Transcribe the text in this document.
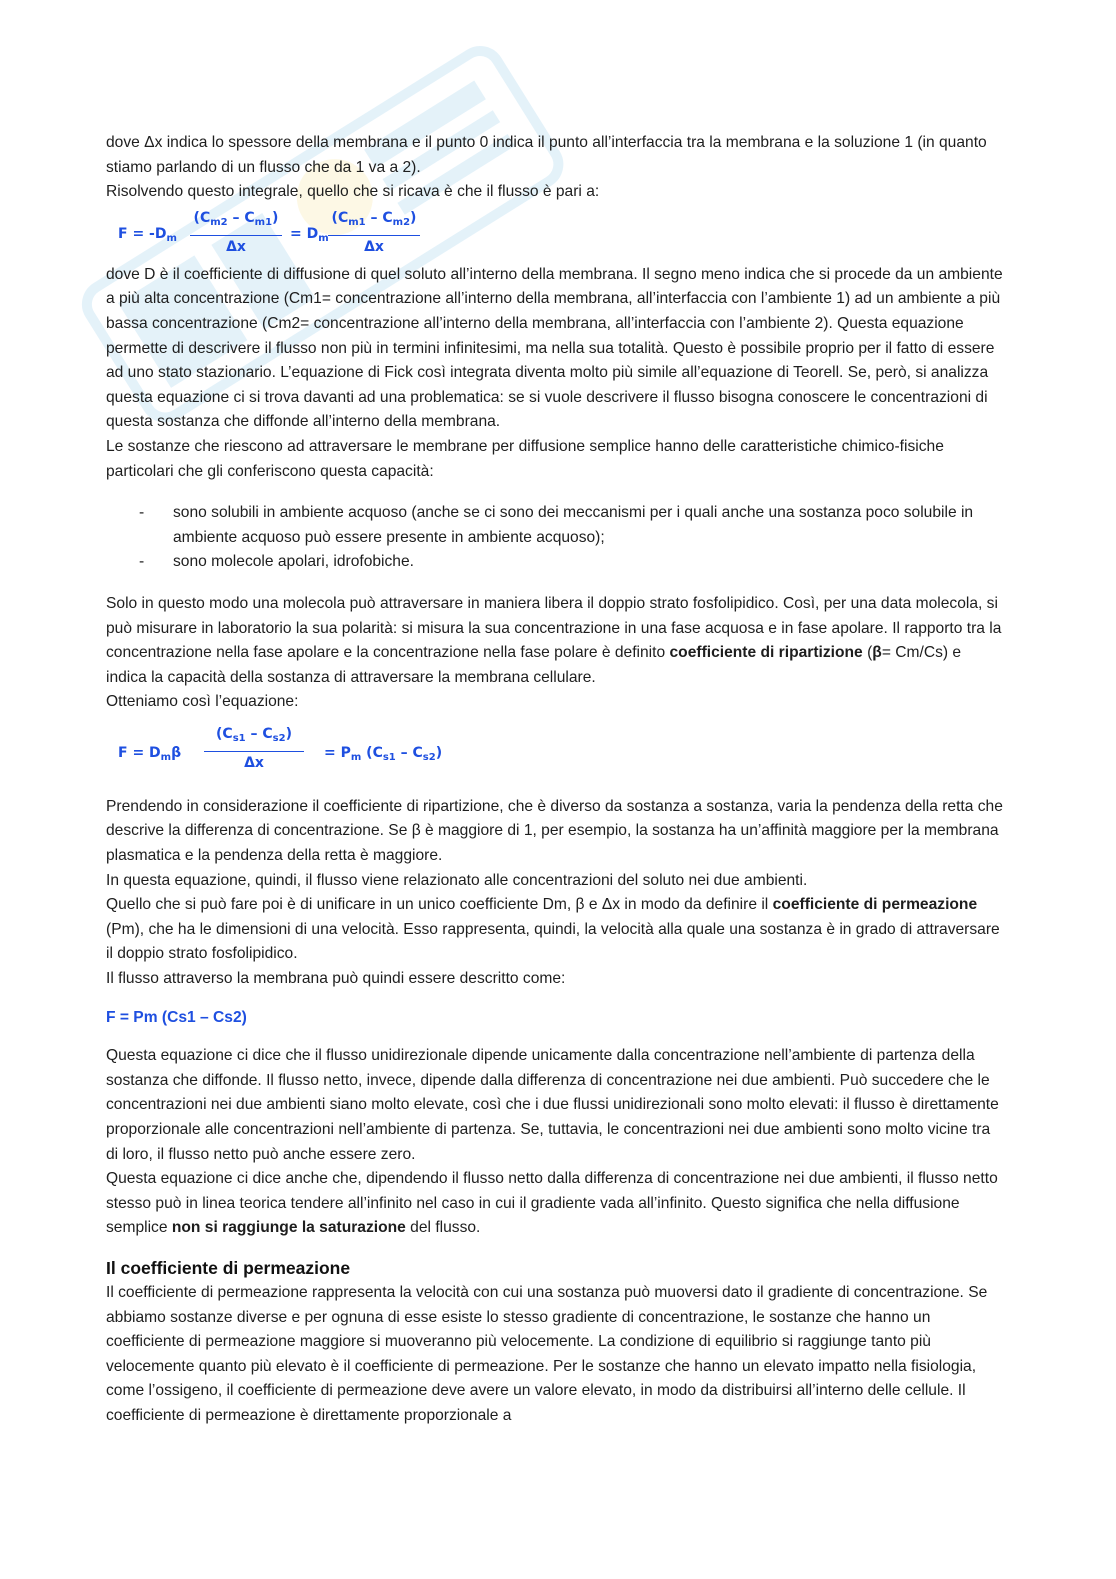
dove Δx indica lo spessore della membrana e il punto 0 indica il punto all’interfaccia tra la membrana e la soluzione 1 (in quanto stiamo parlando di un flusso che da 1 va a 2).

Risolvendo questo integrale, quello che si ricava è che il flusso è pari a:

$F = -D_m$
$(C_{m2} - C_{m1})$
Δx
= $D_m$
$(C_{m1} - C_{m2})$
Δx

dove D è il coefficiente di diffusione di quel soluto all’interno della membrana. Il segno meno indica che si procede da un ambiente a più alta concentrazione (Cm1= concentrazione all’interno della membrana, all’interfaccia con l’ambiente 1) ad un ambiente a più bassa concentrazione (Cm2= concentrazione all’interno della membrana, all’interfaccia con l’ambiente 2). Questa equazione permette di descrivere il flusso non più in termini infinitesimi, ma nella sua totalità. Questo è possibile proprio per il fatto di essere ad uno stato stazionario. L’equazione di Fick così integrata diventa molto più simile all’equazione di Teorell. Se, però, si analizza questa equazione ci si trova davanti ad una problematica: se si vuole descrivere il flusso bisogna conoscere le concentrazioni di questa sostanza che diffonde all’interno della membrana.

Le sostanze che riescono ad attraversare le membrane per diffusione semplice hanno delle caratteristiche chimico-fisiche particolari che gli conferiscono questa capacità:

- sono solubili in ambiente acquoso (anche se ci sono dei meccanismi per i quali anche una sostanza poco solubile in ambiente acquoso può essere presente in ambiente acquoso);
- sono molecole apolari, idrofobiche.

Solo in questo modo una molecola può attraversare in maniera libera il doppio strato fosfolipidico. Così, per una data molecola, si può misurare in laboratorio la sua polarità: si misura la sua concentrazione in una fase acquosa e in fase apolare. Il rapporto tra la concentrazione nella fase apolare e la concentrazione nella fase polare è definito coefficiente di ripartizione (β= Cm/Cs) e indica la capacità della sostanza di attraversare la membrana cellulare.

Otteniamo così l’equazione:

$F = D_m\beta$
$(C_{s1} - C_{s2})$
Δx
= $P_m$ $(C_{s1} - C_{s2})$

Prendendo in considerazione il coefficiente di ripartizione, che è diverso da sostanza a sostanza, varia la pendenza della retta che descrive la differenza di concentrazione. Se β è maggiore di 1, per esempio, la sostanza ha un’affinità maggiore per la membrana plasmatica e la pendenza della retta è maggiore.

In questa equazione, quindi, il flusso viene relazionato alle concentrazioni del soluto nei due ambienti.

Quello che si può fare poi è di unificare in un unico coefficiente Dm, β e Δx in modo da definire il coefficiente di permeazione (Pm), che ha le dimensioni di una velocità. Esso rappresenta, quindi, la velocità alla quale una sostanza è in grado di attraversare il doppio strato fosfolipidico.

Il flusso attraverso la membrana può quindi essere descritto come:

F = Pm (Cs1 – Cs2)

Questa equazione ci dice che il flusso unidirezionale dipende unicamente dalla concentrazione nell’ambiente di partenza della sostanza che diffonde. Il flusso netto, invece, dipende dalla differenza di concentrazione nei due ambienti. Può succedere che le concentrazioni nei due ambienti siano molto elevate, così che i due flussi unidirezionali sono molto elevati: il flusso è direttamente proporzionale alle concentrazioni nell’ambiente di partenza. Se, tuttavia, le concentrazioni nei due ambienti sono molto vicine tra di loro, il flusso netto può anche essere zero.

Questa equazione ci dice anche che, dipendendo il flusso netto dalla differenza di concentrazione nei due ambienti, il flusso netto stesso può in linea teorica tendere all’infinito nel caso in cui il gradiente vada all’infinito. Questo significa che nella diffusione semplice non si raggiunge la saturazione del flusso.

Il coefficiente di permeazione

Il coefficiente di permeazione rappresenta la velocità con cui una sostanza può muoversi dato il gradiente di concentrazione. Se abbiamo sostanze diverse e per ognuna di esse esiste lo stesso gradiente di concentrazione, le sostanze che hanno un coefficiente di permeazione maggiore si muoveranno più velocemente. La condizione di equilibrio si raggiunge tanto più velocemente quanto più elevato è il coefficiente di permeazione. Per le sostanze che hanno un elevato impatto nella fisiologia, come l’ossigeno, il coefficiente di permeazione deve avere un valore elevato, in modo da distribuirsi all’interno delle cellule. Il coefficiente di permeazione è direttamente proporzionale a
